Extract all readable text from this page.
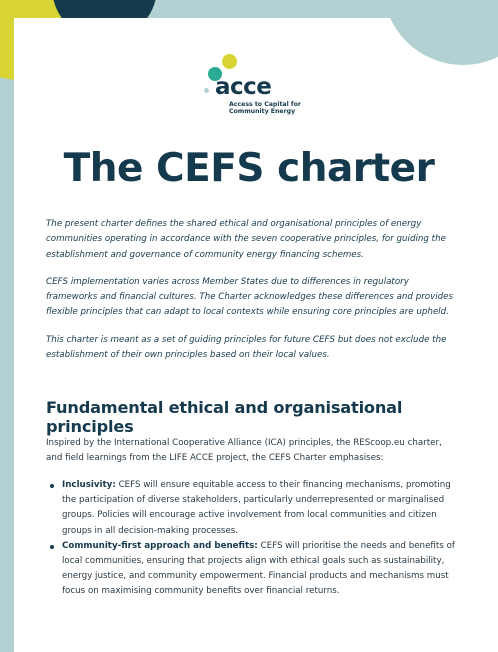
acce
Access to Capital for Community Energy
The CEFS charter

The present charter defines the shared ethical and organisational principles of energy communities operating in accordance with the seven cooperative principles, for guiding the establishment and governance of community energy financing schemes.

CEFS implementation varies across Member States due to differences in regulatory frameworks and financial cultures. The Charter acknowledges these differences and provides flexible principles that can adapt to local contexts while ensuring core principles are upheld.

This charter is meant as a set of guiding principles for future CEFS but does not exclude the establishment of their own principles based on their local values.

Fundamental ethical and organisational principles

Inspired by the International Cooperative Alliance (ICA) principles, the REScoop.eu charter, and field learnings from the LIFE ACCE project, the CEFS Charter emphasises:

Inclusivity: CEFS will ensure equitable access to their financing mechanisms, promoting the participation of diverse stakeholders, particularly underrepresented or marginalised groups. Policies will encourage active involvement from local communities and citizen groups in all decision-making processes.
Community-first approach and benefits: CEFS will prioritise the needs and benefits of local communities, ensuring that projects align with ethical goals such as sustainability, energy justice, and community empowerment. Financial products and mechanisms must focus on maximising community benefits over financial returns.
